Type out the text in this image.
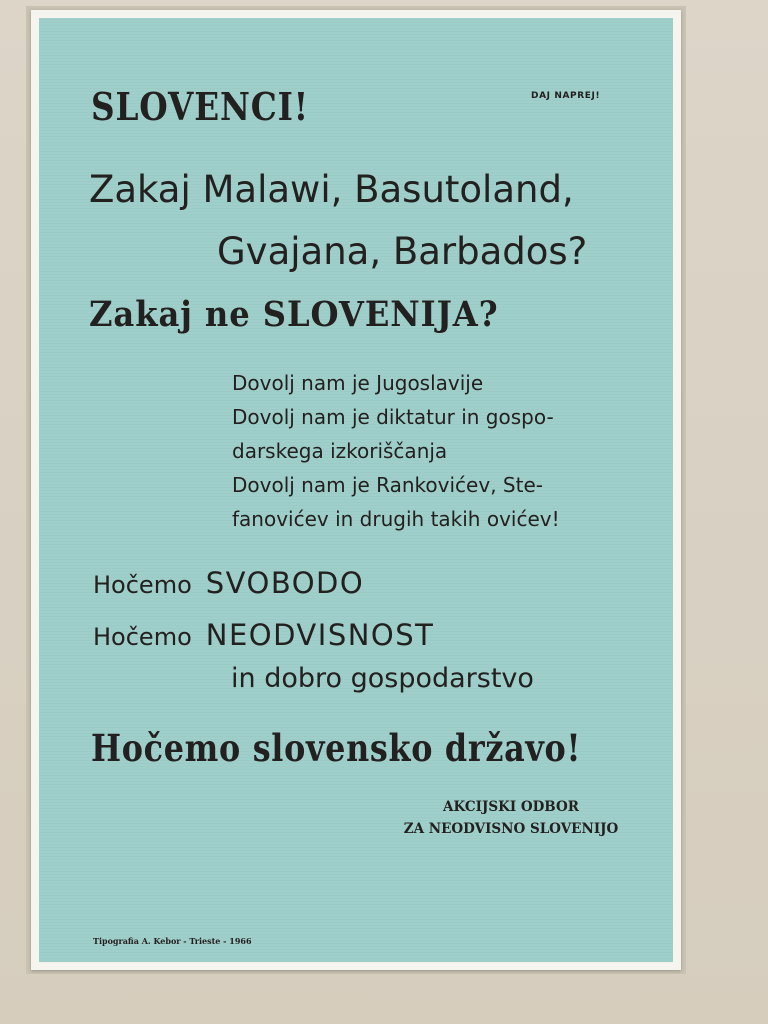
SLOVENCI!	DAJ NAPREJ!
Zakaj Malawi, Basutoland,
Gvajana, Barbados?
Zakaj ne SLOVENIJA?

Dovolj nam je Jugoslavije

Dovolj nam je diktatur in gospo-

darskega izkoriščanja

Dovolj nam je Rankovićev, Ste-

fanovićev in drugih takih ovićev!

Hočemo SVOBODO
Hočemo NEODVISNOST
in dobro gospodarstvo
Hočemo slovensko državo!

AKCIJSKI ODBOR

ZA NEODVISNO SLOVENIJO

Tipografia A. Kebor - Trieste - 1966
